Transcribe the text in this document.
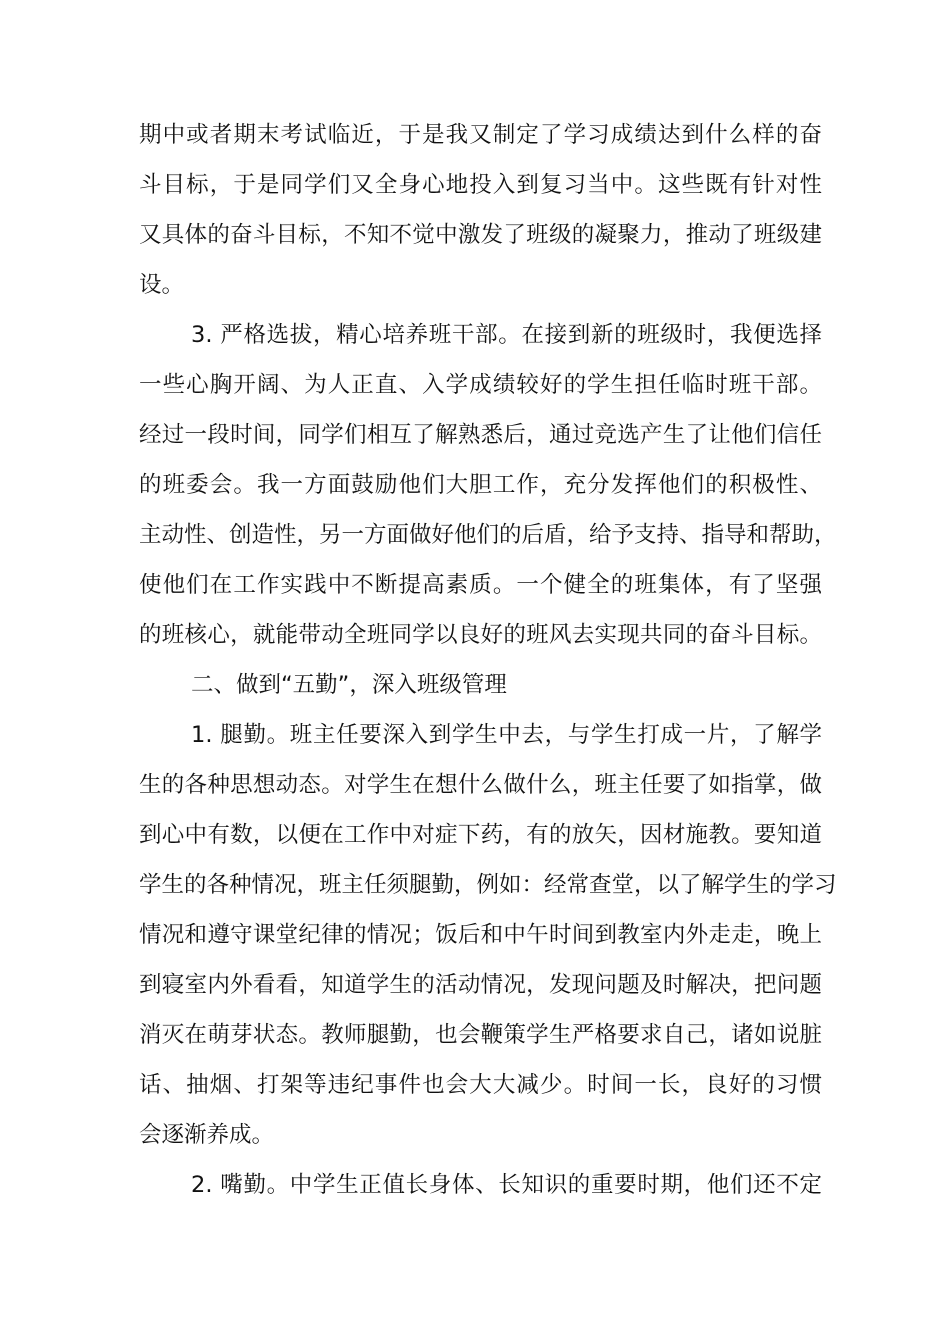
期中或者期末考试临近，于是我又制定了学习成绩达到什么样的奋
斗目标，于是同学们又全身心地投入到复习当中。这些既有针对性
又具体的奋斗目标，不知不觉中激发了班级的凝聚力，推动了班级建
设。
3. 严格选拔，精心培养班干部。在接到新的班级时，我便选择
一些心胸开阔、为人正直、入学成绩较好的学生担任临时班干部。
经过一段时间，同学们相互了解熟悉后，通过竞选产生了让他们信任
的班委会。我一方面鼓励他们大胆工作，充分发挥他们的积极性、
主动性、创造性，另一方面做好他们的后盾，给予支持、指导和帮助，
使他们在工作实践中不断提高素质。一个健全的班集体，有了坚强
的班核心，就能带动全班同学以良好的班风去实现共同的奋斗目标。
二、做到“五勤”，深入班级管理
1. 腿勤。班主任要深入到学生中去，与学生打成一片，了解学
生的各种思想动态。对学生在想什么做什么，班主任要了如指掌，做
到心中有数，以便在工作中对症下药，有的放矢，因材施教。要知道
学生的各种情况，班主任须腿勤，例如：经常查堂，以了解学生的学习
情况和遵守课堂纪律的情况；饭后和中午时间到教室内外走走，晚上
到寝室内外看看，知道学生的活动情况，发现问题及时解决，把问题
消灭在萌芽状态。教师腿勤，也会鞭策学生严格要求自己，诸如说脏
话、抽烟、打架等违纪事件也会大大减少。时间一长，良好的习惯
会逐渐养成。
2. 嘴勤。中学生正值长身体、长知识的重要时期，他们还不定
